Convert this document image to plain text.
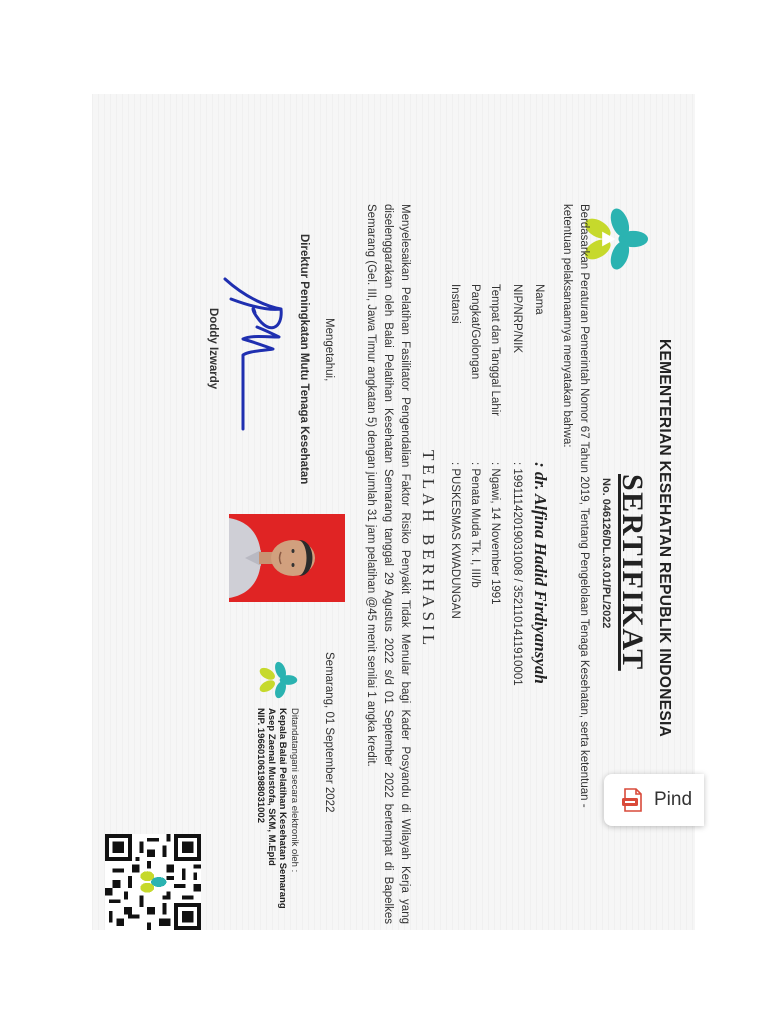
KEMENTERIAN KESEHATAN REPUBLIK INDONESIA
SERTIFIKAT
No. 046126/DL.03.01/PL/2022
Berdasarkan Peraturan Pemerintah Nomor 67 Tahun 2019, Tentang Pengelolaan Tenaga Kesehatan, serta ketentuan - ketentuan pelaksanaannya menyatakan bahwa:
Nama
: dr. Alfina Hadid Firdiyansyah
NIP/NRP/NIK
: 19911142019031008 / 3521101411910001
Tempat dan Tanggal Lahir
: Ngawi, 14 November 1991
Pangkat/Golongan
: Penata Muda Tk. I, III/b
Instansi
: PUSKESMAS KWADUNGAN
TELAH BERHASIL
Menyelesaikan Pelatihan Fasilitator Pengendalian Faktor Risiko Penyakit Tidak Menular bagi Kader Posyandu di Wilayah Kerja yang diselenggarakan oleh Balai Pelatihan Kesehatan Semarang tanggal 29 Agustus 2022 s/d 01 September 2022 bertempat di Bapelkes Semarang (Gel. III, Jawa Timur angkatan 5) dengan jumlah 31 jam pelatihan @45 menit senilai 1 angka kredit.
Mengetahui,
Direktur Peningkatan Mutu Tenaga Kesehatan
Doddy Izwardy
Semarang, 01 September 2022
Ditandatangani secara elektronik oleh :
Kepala Balai Pelatihan Kesehatan Semarang
Asep Zaenal Mustofa, SKM, M.Epid
NIP. 196601061988031002	Pind
